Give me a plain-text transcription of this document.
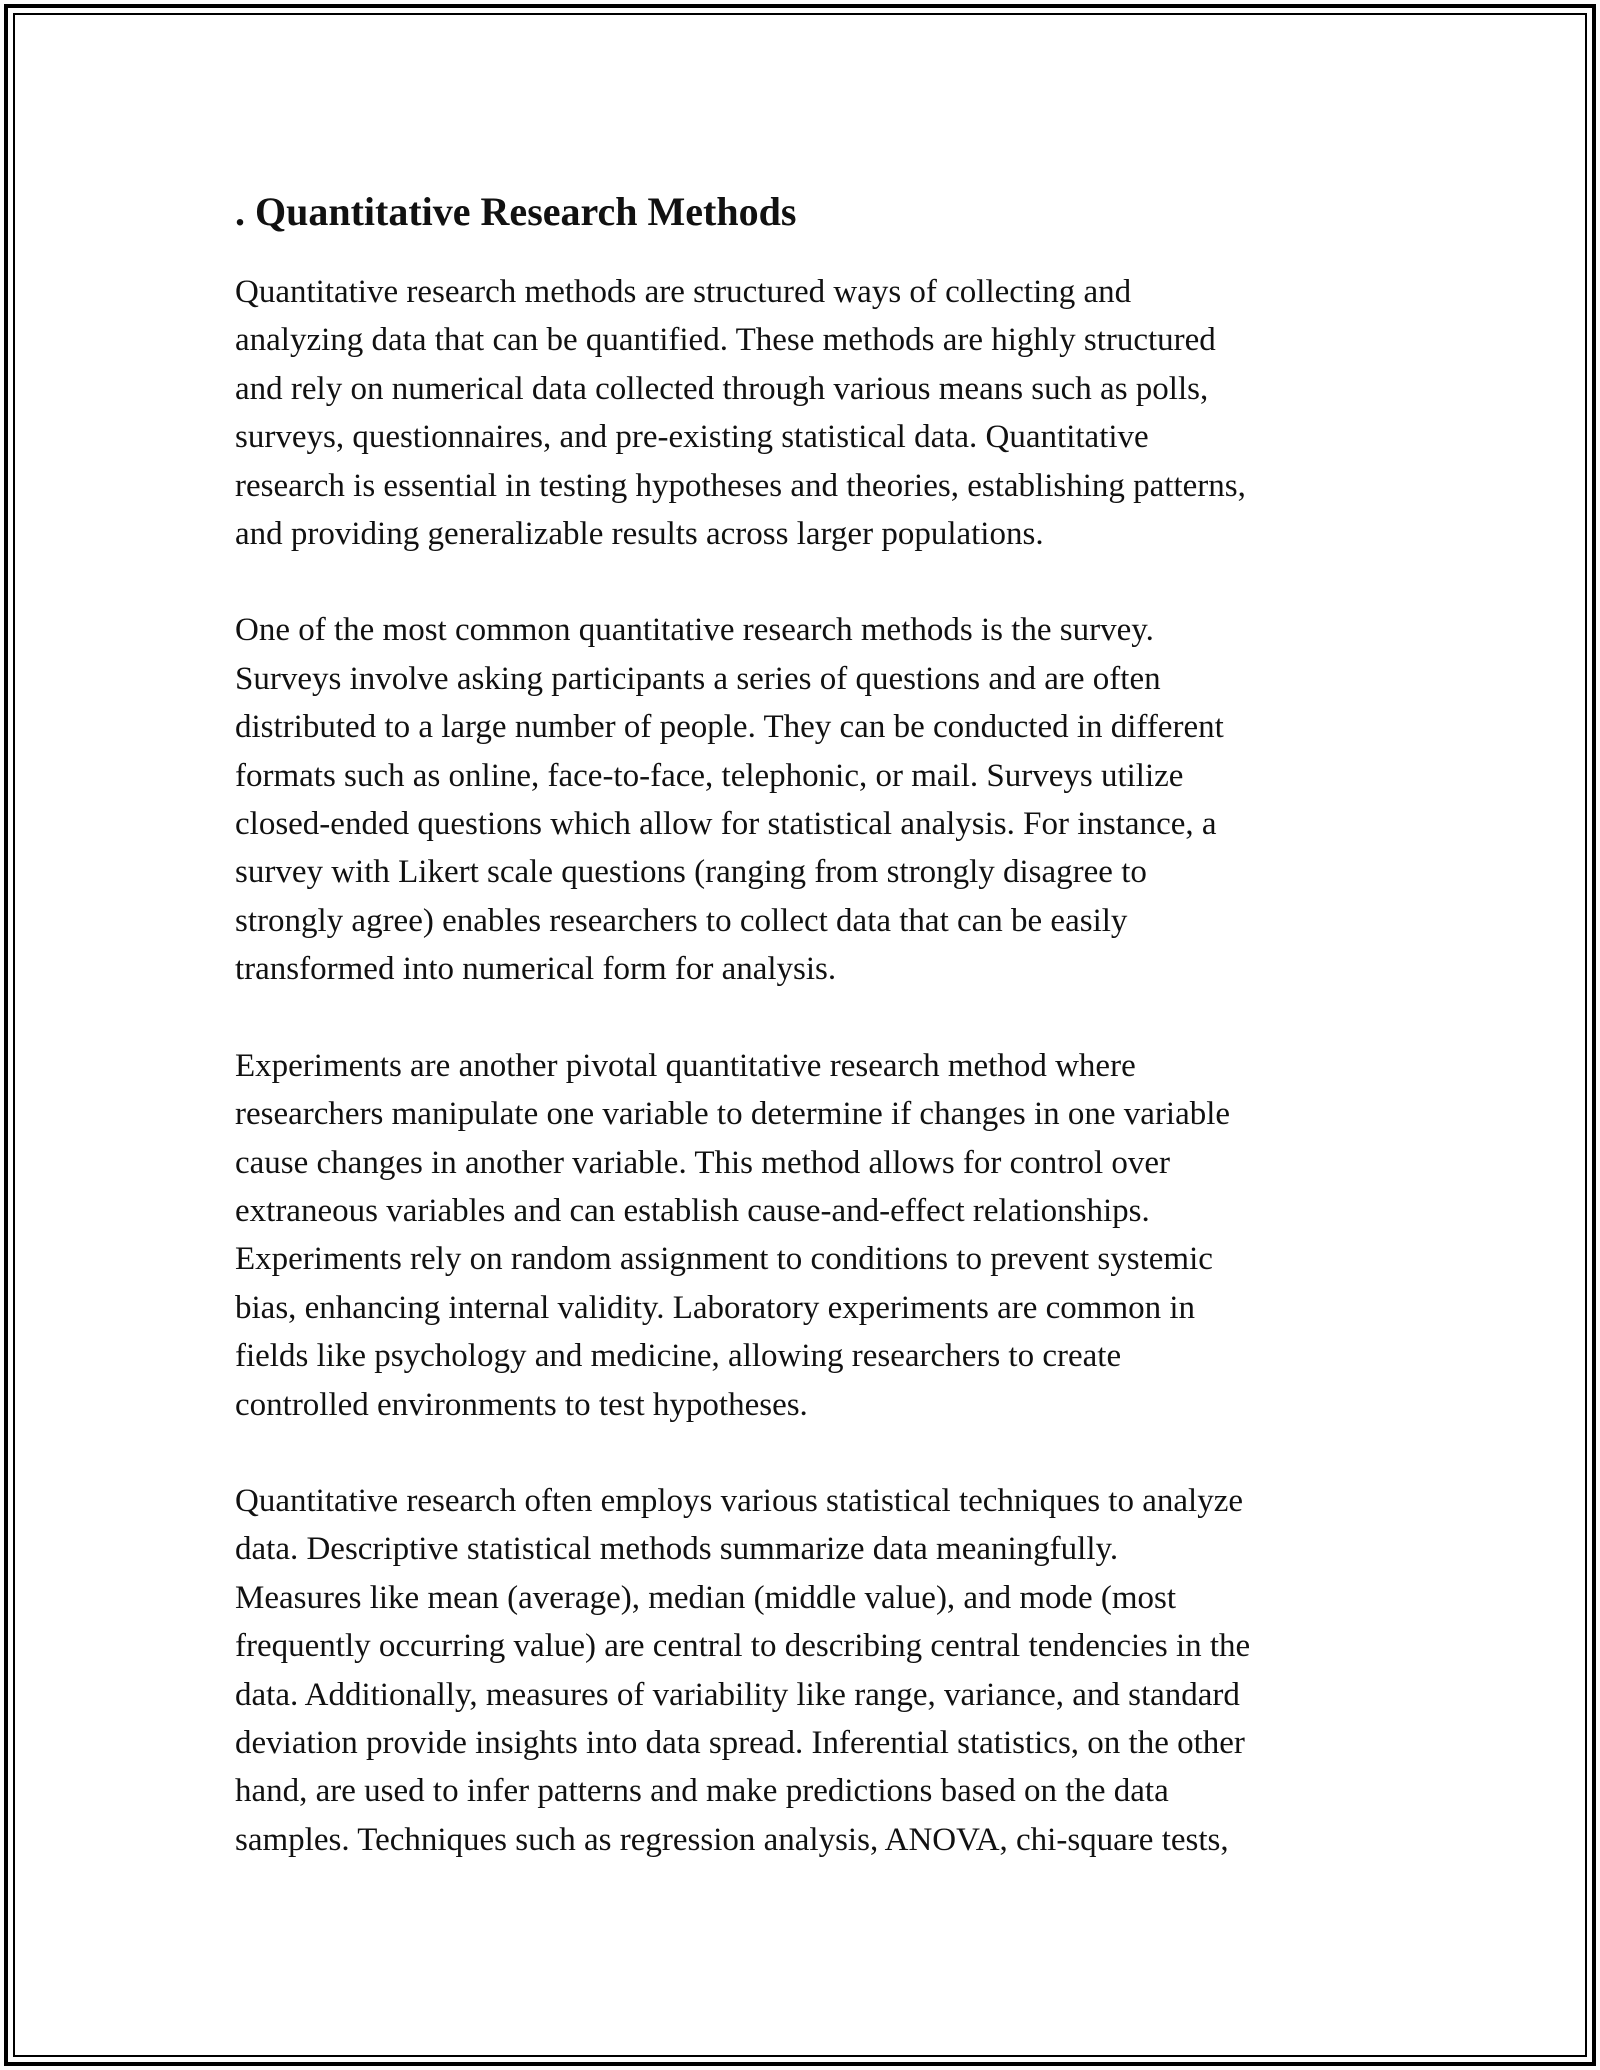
. Quantitative Research Methods

Quantitative research methods are structured ways of collecting and
analyzing data that can be quantified. These methods are highly structured
and rely on numerical data collected through various means such as polls,
surveys, questionnaires, and pre-existing statistical data. Quantitative
research is essential in testing hypotheses and theories, establishing patterns,
and providing generalizable results across larger populations.

One of the most common quantitative research methods is the survey.
Surveys involve asking participants a series of questions and are often
distributed to a large number of people. They can be conducted in different
formats such as online, face-to-face, telephonic, or mail. Surveys utilize
closed-ended questions which allow for statistical analysis. For instance, a
survey with Likert scale questions (ranging from strongly disagree to
strongly agree) enables researchers to collect data that can be easily
transformed into numerical form for analysis.

Experiments are another pivotal quantitative research method where
researchers manipulate one variable to determine if changes in one variable
cause changes in another variable. This method allows for control over
extraneous variables and can establish cause-and-effect relationships.
Experiments rely on random assignment to conditions to prevent systemic
bias, enhancing internal validity. Laboratory experiments are common in
fields like psychology and medicine, allowing researchers to create
controlled environments to test hypotheses.

Quantitative research often employs various statistical techniques to analyze
data. Descriptive statistical methods summarize data meaningfully.
Measures like mean (average), median (middle value), and mode (most
frequently occurring value) are central to describing central tendencies in the
data. Additionally, measures of variability like range, variance, and standard
deviation provide insights into data spread. Inferential statistics, on the other
hand, are used to infer patterns and make predictions based on the data
samples. Techniques such as regression analysis, ANOVA, chi-square tests,
